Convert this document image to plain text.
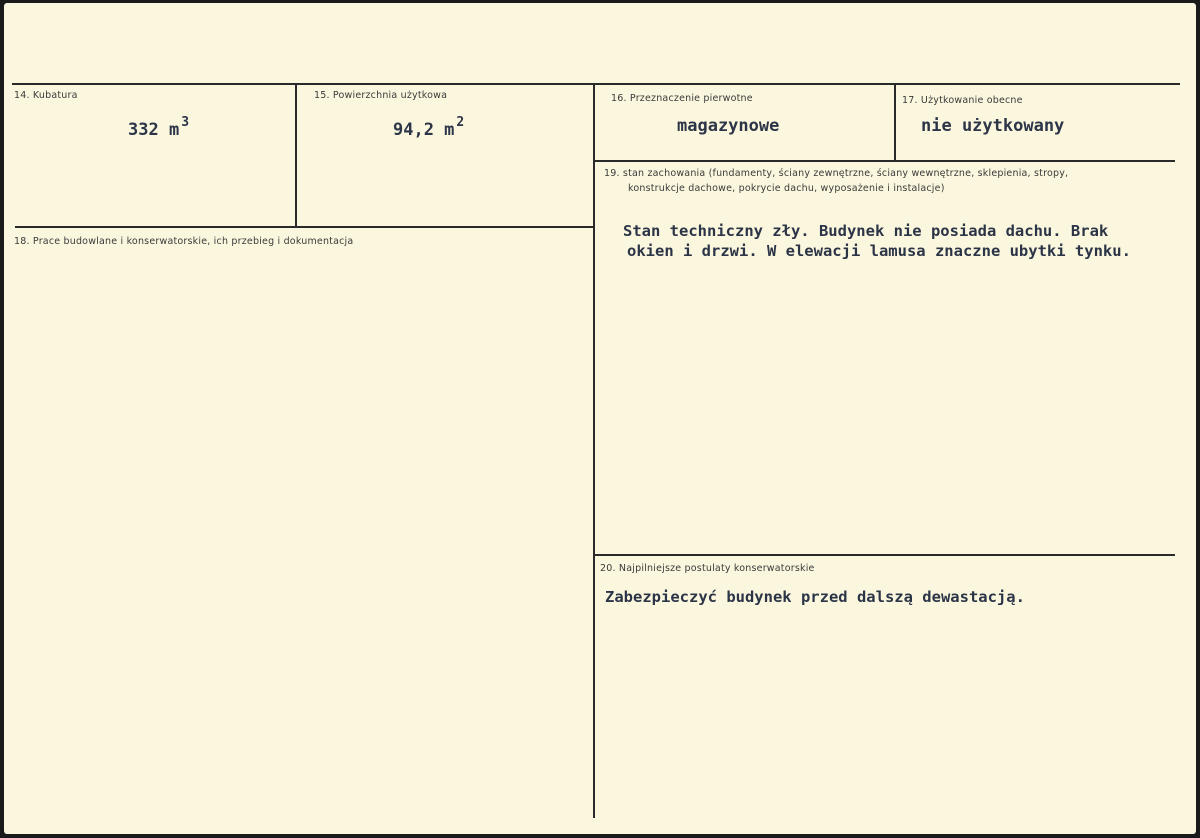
14. Kubatura
332 m $^3$
15. Powierzchnia użytkowa
94,2 m $^2$
16. Przeznaczenie pierwotne
magazynowe
17. Użytkowanie obecne
nie użytkowany
18. Prace budowlane i konserwatorskie, ich przebieg i dokumentacja
19. stan zachowania (fundamenty, ściany zewnętrzne, ściany wewnętrzne, sklepienia, stropy,
konstrukcje dachowe, pokrycie dachu, wyposażenie i instalacje)
Stan techniczny zły. Budynek nie posiada dachu. Brak
okien i drzwi. W elewacji lamusa znaczne ubytki tynku.
20. Najpilniejsze postulaty konserwatorskie
Zabezpieczyć budynek przed dalszą dewastacją.
